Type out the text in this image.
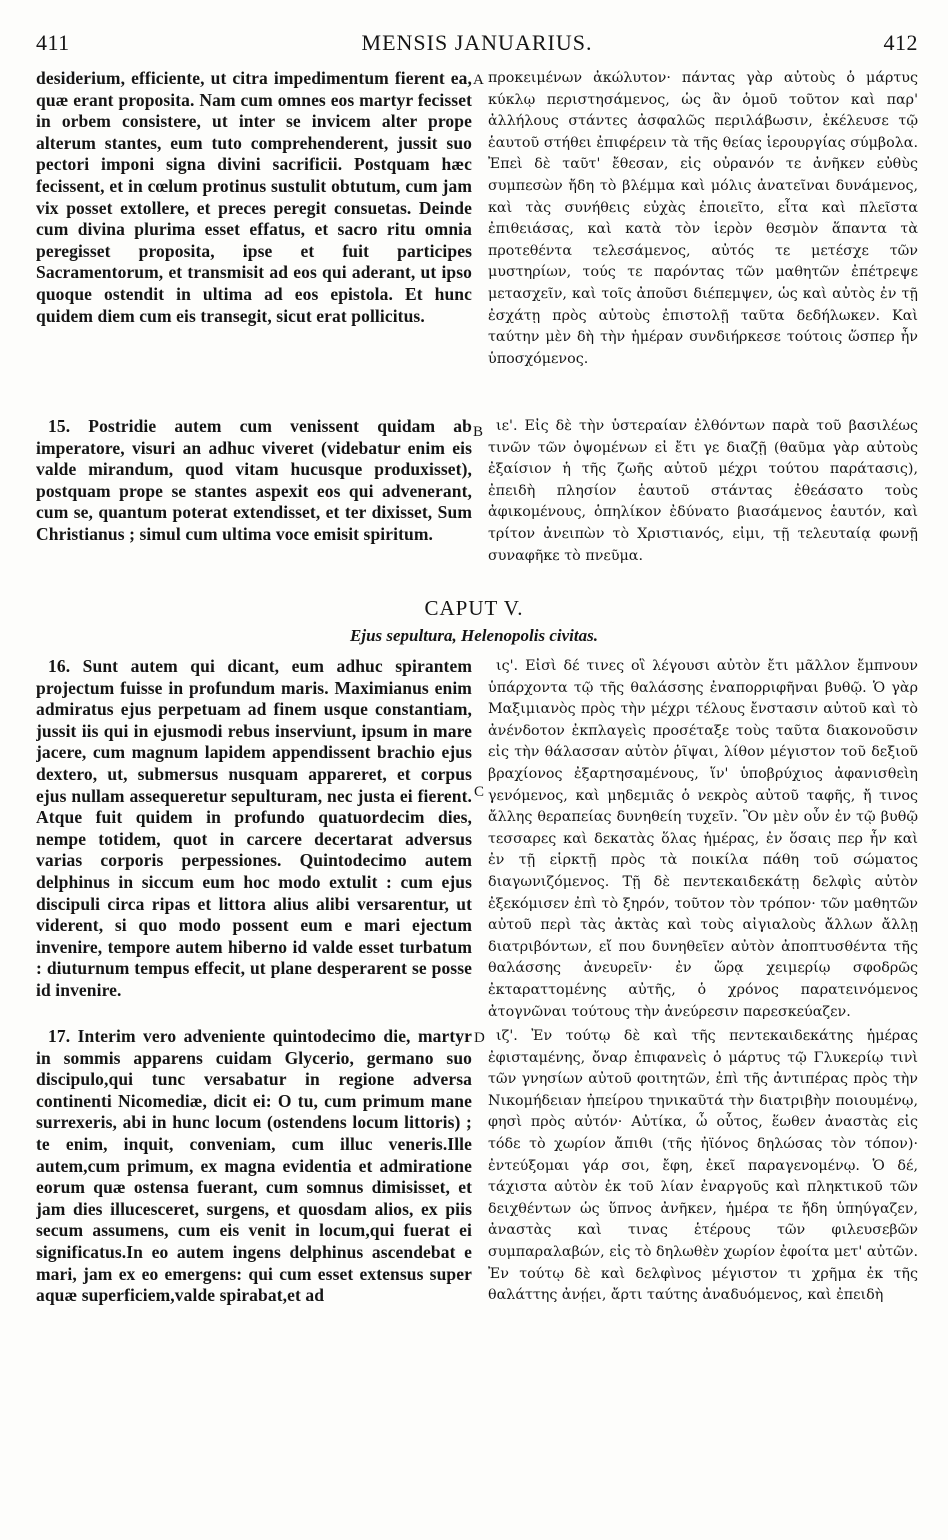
MENSIS JANUARIUS.
411	412
desiderium, efficiente, ut citra impedimentum fierent ea, quæ erant proposita. Nam cum omnes eos martyr fecisset in orbem consistere, ut inter se invicem alter prope alterum stantes, eum tuto comprehenderent, jussit suo pectori imponi signa divini sacrificii. Postquam hæc fecissent, et in cœlum protinus sustulit obtutum, cum jam vix posset extollere, et preces peregit consuetas. Deinde cum divina plurima esset effatus, et sacro ritu omnia peregisset proposita, ipse et fuit participes Sacramentorum, et transmisit ad eos qui aderant, ut ipso quoque ostendit in ultima ad eos epistola. Et hunc quidem diem cum eis transegit, sicut erat pollicitus.
15. Postridie autem cum venissent quidam ab imperatore, visuri an adhuc viveret (videbatur enim eis valde mirandum, quod vitam hucusque produxisset), postquam prope se stantes aspexit eos qui advenerant, cum se, quantum poterat extendisset, et ter dixisset, Sum Christianus ; simul cum ultima voce emisit spiritum.
16. Sunt autem qui dicant, eum adhuc spirantem projectum fuisse in profundum maris. Maximianus enim admiratus ejus perpetuam ad finem usque constantiam, jussit iis qui in ejusmodi rebus inserviunt, ipsum in mare jacere, cum magnum lapidem appendissent brachio ejus dextero, ut, submersus nusquam appareret, et corpus ejus nullam assequeretur sepulturam, nec justa ei fierent. Atque fuit quidem in profundo quatuordecim dies, nempe totidem, quot in carcere decertarat adversus varias corporis perpessiones. Quintodecimo autem delphinus in siccum eum hoc modo extulit : cum ejus discipuli circa ripas et littora alius alibi versarentur, ut viderent, si quo modo possent eum e mari ejectum invenire, tempore autem hiberno id valde esset turbatum : diuturnum tempus effecit, ut plane desperarent se posse id invenire.
17. Interim vero adveniente quintodecimo die, martyr in sommis apparens cuidam Glycerio, germano suo discipulo,qui tunc versabatur in regione adversa continenti Nicomediæ, dicit ei: O tu, cum primum mane surrexeris, abi in hunc locum (ostendens locum littoris) ; te enim, inquit, conveniam, cum illuc veneris.Ille autem,cum primum, ex magna evidentia et admiratione eorum quæ ostensa fuerant, cum somnus dimisisset, et jam dies illucesceret, surgens, et quosdam alios, ex piis secum assumens, cum eis venit in locum,qui fuerat ei significatus.In eo autem ingens delphinus ascendebat e mari, jam ex eo emergens: qui cum esset extensus super aquæ superficiem,valde spirabat,et ad
A
B
C
D
προκειμένων ἀκώλυτον· πάντας γὰρ αὐτοὺς ὁ μάρτυς κύκλῳ περιστησάμενος, ὡς ἂν ὁμοῦ τοῦτον καὶ παρ' ἀλλήλους στάντες ἀσφαλῶς περιλάβωσιν, ἐκέλευσε τῷ ἑαυτοῦ στήθει ἐπιφέρειν τὰ τῆς θείας ἱερουργίας σύμβολα. Ἐπεὶ δὲ ταῦτ' ἔθεσαν, εἰς οὐρανόν τε ἀνῆκεν εὐθὺς συμπεσὼν ἤδη τὸ βλέμμα καὶ μόλις ἀνατεῖναι δυνάμενος, καὶ τὰς συνήθεις εὐχὰς ἐποιεῖτο, εἶτα καὶ πλεῖστα ἐπιθειάσας, καὶ κατὰ τὸν ἱερὸν θεσμὸν ἅπαντα τὰ προτεθέντα τελεσάμενος, αὐτός τε μετέσχε τῶν μυστηρίων, τούς τε παρόντας τῶν μαθητῶν ἐπέτρεψε μετασχεῖν, καὶ τοῖς ἀποῦσι διέπεμψεν, ὡς καὶ αὐτὸς ἐν τῇ ἐσχάτῃ πρὸς αὐτοὺς ἐπιστολῇ ταῦτα δεδήλωκεν. Καὶ ταύτην μὲν δὴ τὴν ἡμέραν συνδιήρκεσε τούτοις ὥσπερ ἦν ὑποσχόμενος.
ιε'. Εἰς δὲ τὴν ὑστεραίαν ἐλθόντων παρὰ τοῦ βασιλέως τινῶν τῶν ὀψομένων εἰ ἔτι γε διαζῇ (θαῦμα γὰρ αὐτοὺς ἐξαίσιον ἡ τῆς ζωῆς αὐτοῦ μέχρι τούτου παράτασις), ἐπειδὴ πλησίον ἑαυτοῦ στάντας ἐθεάσατο τοὺς ἀφικομένους, ὁπηλίκον ἐδύνατο βιασάμενος ἑαυτόν, καὶ τρίτον ἀνειπὼν τὸ Χριστιανός, εἰμι, τῇ τελευταίᾳ φωνῇ συναφῆκε τὸ πνεῦμα.
ις'. Εἰσὶ δέ τινες οἳ λέγουσι αὐτὸν ἔτι μᾶλλον ἔμπνουν ὑπάρχοντα τῷ τῆς θαλάσσης ἐναπορριφῆναι βυθῷ. Ὁ γὰρ Μαξιμιανὸς πρὸς τὴν μέχρι τέλους ἔνστασιν αὐτοῦ καὶ τὸ ἀνένδοτον ἐκπλαγεὶς προσέταξε τοὺς ταῦτα διακονοῦσιν εἰς τὴν θάλασσαν αὐτὸν ῥῖψαι, λίθον μέγιστον τοῦ δεξιοῦ βραχίονος ἐξαρτησαμένους, ἵν' ὑποβρύχιος ἀφανισθεὶη γενόμενος, καὶ μηδεμιᾶς ὁ νεκρὸς αὐτοῦ ταφῆς, ἤ τινος ἄλλης θεραπείας δυνηθείη τυχεῖν. Ὃν μὲν οὖν ἐν τῷ βυθῷ τεσσαρες καὶ δεκατὰς ὅλας ἡμέρας, ἐν ὅσαις περ ἦν καὶ ἐν τῇ εἱρκτῇ πρὸς τὰ ποικίλα πάθη τοῦ σώματος διαγωνιζόμενος. Τῇ δὲ πεντεκαιδεκάτῃ δελφὶς αὐτὸν ἐξεκόμισεν ἐπὶ τὸ ξηρόν, τοῦτον τὸν τρόπον· τῶν μαθητῶν αὐτοῦ περὶ τὰς ἀκτὰς καὶ τοὺς αἰγιαλοὺς ἄλλων ἄλλῃ διατριβόντων, εἴ που δυνηθεῖεν αὐτὸν ἀποπτυσθέντα τῆς θαλάσσης ἀνευρεῖν· ἐν ὥρᾳ χειμερίῳ σφοδρῶς ἐκταραττομένης αὐτῆς, ὁ χρόνος παρατεινόμενος ἀτογνῶναι τούτους τὴν ἀνεύρεσιν παρεσκεύαζεν.
ιζ'. Ἐν τούτῳ δὲ καὶ τῆς πεντεκαιδεκάτης ἡμέρας ἐφισταμένης, ὄναρ ἐπιφανεὶς ὁ μάρτυς τῷ Γλυκερίῳ τινὶ τῶν γνησίων αὐτοῦ φοιτητῶν, ἐπὶ τῆς ἀντιπέρας πρὸς τὴν Νικομήδειαν ἠπείρου τηνικαῦτά τὴν διατριβὴν ποιουμένῳ, φησὶ πρὸς αὐτόν· Αὐτίκα, ὦ οὗτος, ἕωθεν ἀναστὰς εἰς τόδε τὸ χωρίον ἄπιθι (τῆς ἠϊόνος δηλώσας τὸν τόπον)· ἐντεύξομαι γάρ σοι, ἔφη, ἐκεῖ παραγενομένῳ. Ὁ δέ, τάχιστα αὐτὸν ἐκ τοῦ λίαν ἐναργοῦς καὶ πληκτικοῦ τῶν δειχθέντων ὡς ὕπνος ἀνῆκεν, ἡμέρα τε ἤδη ὑπηύγαζεν, ἀναστὰς καὶ τινας ἑτέρους τῶν φιλευσεβῶν συμπαραλαβών, εἰς τὸ δηλωθὲν χωρίον ἐφοίτα μετ' αὐτῶν. Ἐν τούτῳ δὲ καὶ δελφὶνος μέγιστον τι χρῆμα ἐκ τῆς θαλάττης ἀνῄει, ἄρτι ταύτης ἀναδυόμενος, καὶ ἐπειδὴ
CAPUT V.
Ejus sepultura, Helenopolis civitas.
